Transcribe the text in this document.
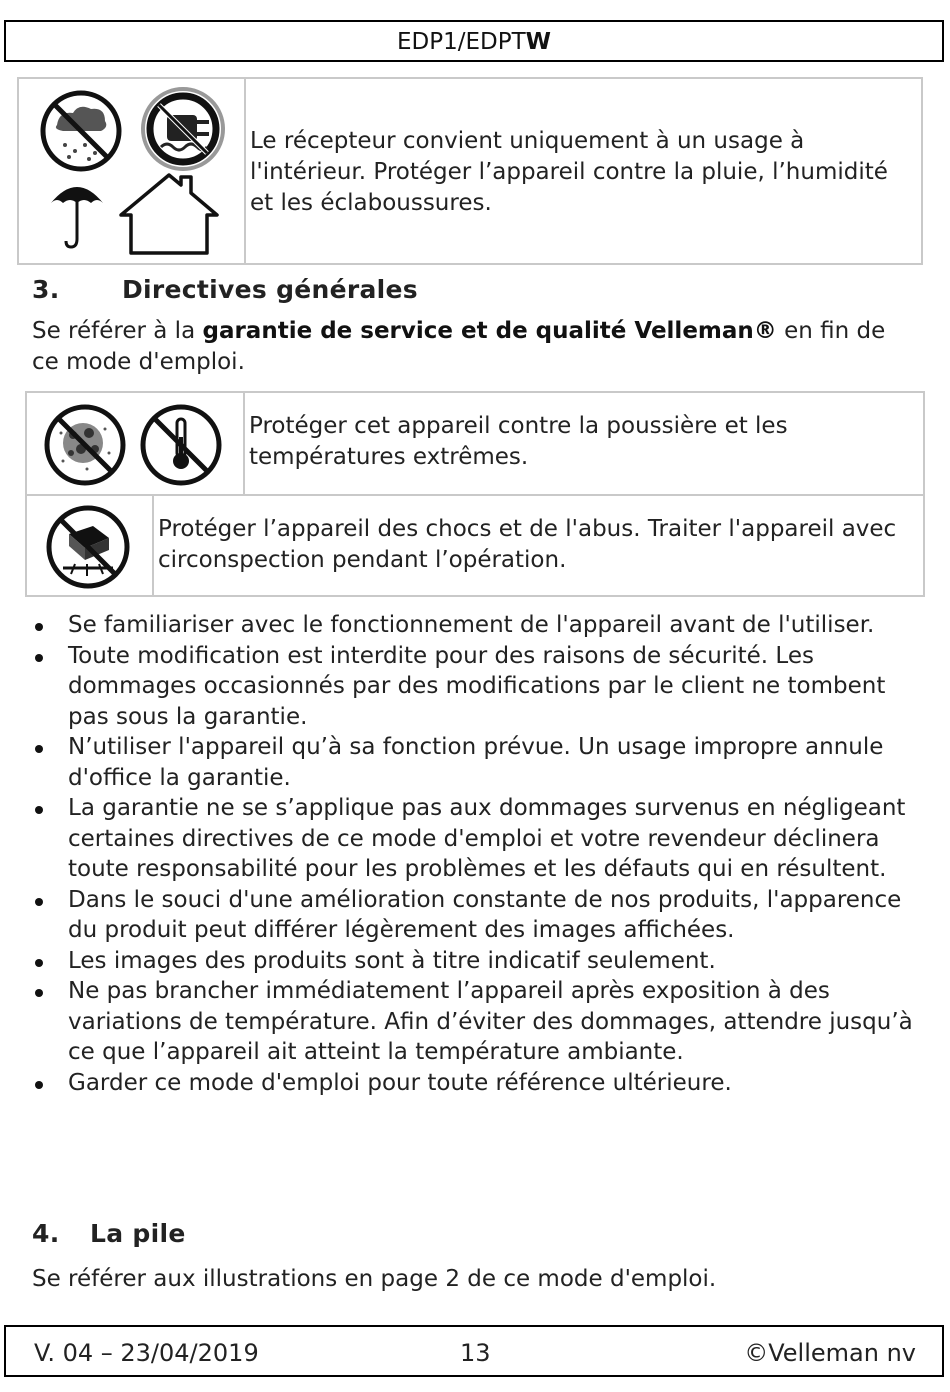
EDP1/EDPTW
Le récepteur convient uniquement à un usage à l'intérieur. Protéger l’appareil contre la pluie, l’humidité et les éclaboussures.
3.	Directives générales
Se référer à la garantie de service et de qualité Velleman® en fin de ce mode d'emploi.
Protéger cet appareil contre la poussière et les températures extrêmes.
Protéger l’appareil des chocs et de l'abus. Traiter l'appareil avec circonspection pendant l’opération.
Se familiariser avec le fonctionnement de l'appareil avant de l'utiliser.
Toute modification est interdite pour des raisons de sécurité. Les dommages occasionnés par des modifications par le client ne tombent pas sous la garantie.
N’utiliser l'appareil qu’à sa fonction prévue. Un usage impropre annule d'office la garantie.
La garantie ne se s’applique pas aux dommages survenus en négligeant certaines directives de ce mode d'emploi et votre revendeur déclinera toute responsabilité pour les problèmes et les défauts qui en résultent.
Dans le souci d'une amélioration constante de nos produits, l'apparence du produit peut différer légèrement des images affichées.
Les images des produits sont à titre indicatif seulement.
Ne pas brancher immédiatement l’appareil après exposition à des variations de température. Afin d’éviter des dommages, attendre jusqu’à ce que l’appareil ait atteint la température ambiante.
Garder ce mode d'emploi pour toute référence ultérieure.
4. La pile
Se référer aux illustrations en page 2 de ce mode d'emploi.
V. 04 – 23/04/2019	13	©Velleman nv
